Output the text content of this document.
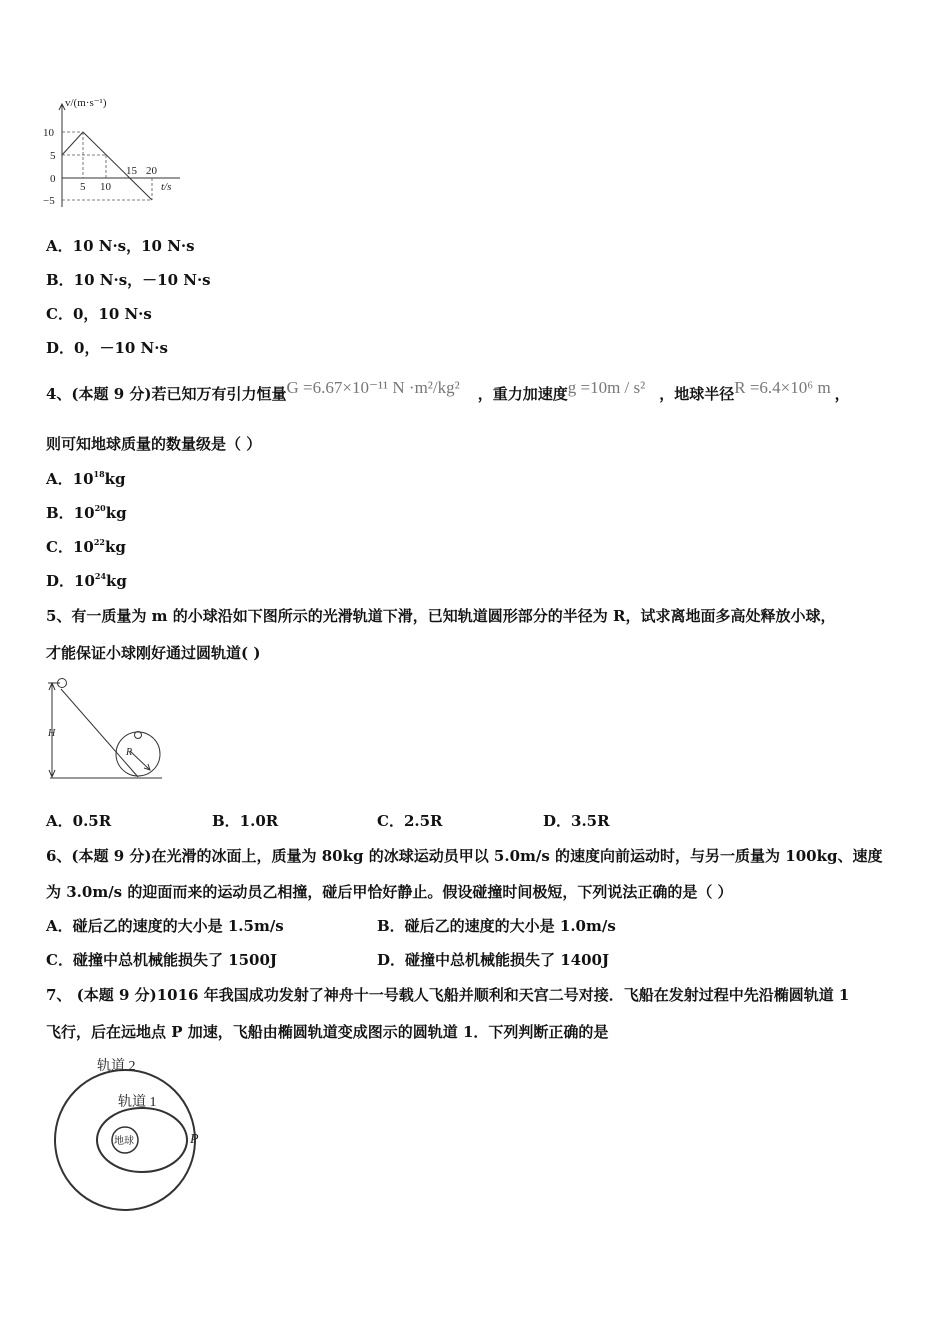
v/(m·s⁻¹)
10
5
0
−5
5 10
15 20
t/s
A．10 N·s，10 N·s
B．10 N·s，－10 N·s
C．0，10 N·s
D．0，－10 N·s
4、(本题 9 分)若已知万有引力恒量G =6.67×10⁻¹¹ N ·m²/kg² ，重力加速度g =10m / s² ，地球半径R =6.4×10⁶ m ，
则可知地球质量的数量级是（ ）
A．$10^{18}kg$
B．$10^{20}kg$
C．$10^{22}kg$
D．$10^{24}kg$
5、有一质量为 m 的小球沿如下图所示的光滑轨道下滑，已知轨道圆形部分的半径为 R，试求离地面多高处释放小球，
才能保证小球刚好通过圆轨道( )
H
R
A．0.5R	B．1.0R	C．2.5R	D．3.5R
6、(本题 9 分)在光滑的冰面上，质量为 80kg 的冰球运动员甲以 5.0m/s 的速度向前运动时，与另一质量为 100kg、速度
为 3.0m/s 的迎面而来的运动员乙相撞，碰后甲恰好静止。假设碰撞时间极短，下列说法正确的是（ ）
A．碰后乙的速度的大小是 1.5m/s	B．碰后乙的速度的大小是 1.0m/s
C．碰撞中总机械能损失了 1500J	D．碰撞中总机械能损失了 1400J
7、 (本题 9 分)1016 年我国成功发射了神舟十一号载人飞船并顺利和天宫二号对接．飞船在发射过程中先沿椭圆轨道 1
飞行，后在远地点 P 加速，飞船由椭圆轨道变成图示的圆轨道 1．下列判断正确的是
轨道 2
轨道 1
地球	P
